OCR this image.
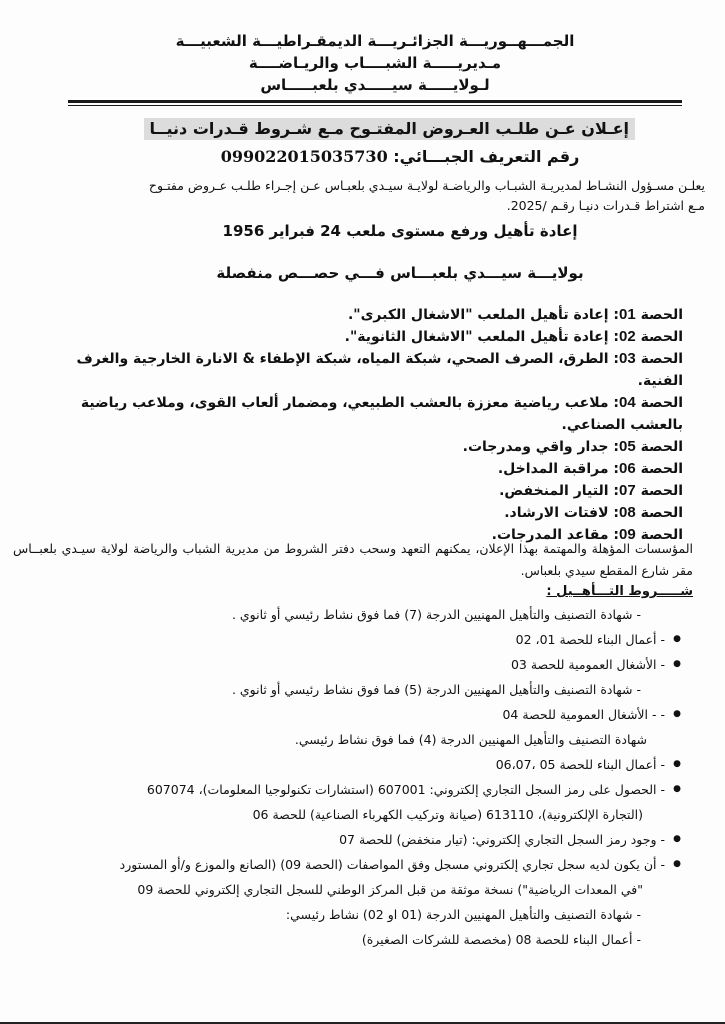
الجمـــهــوريـــة الجزائـريـــة الديمقـراطيـــة الشعبيـــة
مـديريـــــة الشبــــاب والريـاضــــة
لـولايـــــة سيـــــدي بلعبـــــاس
إعـلان عـن طلـب العـروض المفتـوح مـع شـروط قـدرات دنيــا
رقم التعريف الجبـــائي: 099022015035730
يعلـن مسـؤول النشـاط لمديريـة الشبـاب والرياضـة لولايـة سيـدي بلعبـاس عـن إجـراء طلـب عـروض مفتـوح
مـع اشتراط قـدرات دنيـا رقـم /2025.
إعادة تأهيل ورفع مستوى ملعب 24 فبراير 1956
بولايـــة سيـــدي بلعبـــاس فـــي حصـــص منفصلة
الحصة 01: إعادة تأهيل الملعب "الاشغال الكبرى".
الحصة 02: إعادة تأهيل الملعب "الاشغال الثانوية".
الحصة 03: الطرق، الصرف الصحي، شبكة المياه، شبكة الإطفاء & الانارة الخارجية والغرف الفنية.
الحصة 04: ملاعب رياضية معززة بالعشب الطبيعي، ومضمار ألعاب القوى، وملاعب رياضية بالعشب الصناعي.
الحصة 05: جدار واقي ومدرجات.
الحصة 06: مراقبة المداخل.
الحصة 07: التيار المنخفض.
الحصة 08: لافتات الارشاد.
الحصة 09: مقاعد المدرجات.
المؤسسات المؤهلة والمهتمة بهذا الإعلان، يمكنهم التعهد وسحب دفتر الشروط من مديرية الشباب والرياضة لولاية سيـدي بلعبــاس مقر شارع المقطع سيدي بلعباس.
شـــــروط التـــأهــيل :
- شهادة التصنيف والتأهيل المهنيين الدرجة (7) فما فوق نشاط رئيسي أو ثانوي .
● - أعمال البناء للحصة 01، 02
● - الأشغال العمومية للحصة 03
- شهادة التصنيف والتأهيل المهنيين الدرجة (5) فما فوق نشاط رئيسي أو ثانوي .
● - - الأشغال العمومية للحصة 04
شهادة التصنيف والتأهيل المهنيين الدرجة (4) فما فوق نشاط رئيسي.
● - أعمال البناء للحصة 05 ،06،07
● - الحصول على رمز السجل التجاري إلكتروني: 607001 (استشارات تكنولوجيا المعلومات)، 607074
(التجارة الإلكترونية)، 613110 (صيانة وتركيب الكهرباء الصناعية) للحصة 06
● - وجود رمز السجل التجاري إلكتروني: (تيار منخفض) للحصة 07
● - أن يكون لديه سجل تجاري إلكتروني مسجل وفق المواصفات (الحصة 09) (الصانع والموزع و/أو المستورد
"في المعدات الرياضية") نسخة موثقة من قبل المركز الوطني للسجل التجاري إلكتروني للحصة 09
- شهادة التصنيف والتأهيل المهنيين الدرجة (01 او 02) نشاط رئيسي:
- أعمال البناء للحصة 08 (مخصصة للشركات الصغيرة)
